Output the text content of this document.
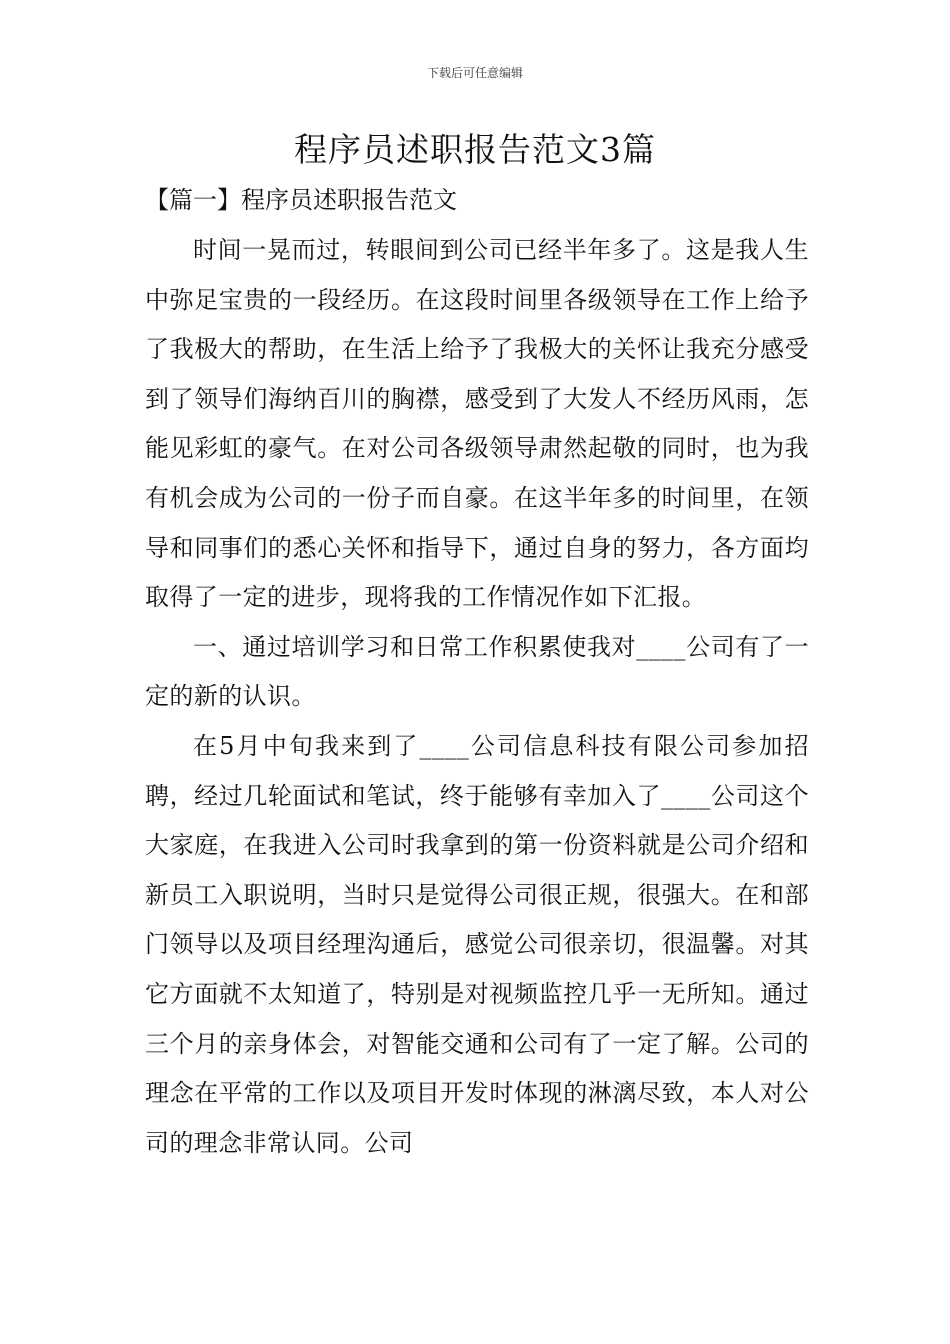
下载后可任意编辑
程序员述职报告范文3篇
【篇一】程序员述职报告范文

时间一晃而过，转眼间到公司已经半年多了。这是我人生中弥足宝贵的一段经历。在这段时间里各级领导在工作上给予了我极大的帮助，在生活上给予了我极大的关怀让我充分感受到了领导们海纳百川的胸襟，感受到了大发人不经历风雨，怎能见彩虹的豪气。在对公司各级领导肃然起敬的同时，也为我有机会成为公司的一份子而自豪。在这半年多的时间里，在领导和同事们的悉心关怀和指导下，通过自身的努力，各方面均取得了一定的进步，现将我的工作情况作如下汇报。

一、通过培训学习和日常工作积累使我对____公司有了一定的新的认识。

在5月中旬我来到了____公司信息科技有限公司参加招聘，经过几轮面试和笔试，终于能够有幸加入了____公司这个大家庭，在我进入公司时我拿到的第一份资料就是公司介绍和新员工入职说明，当时只是觉得公司很正规，很强大。在和部门领导以及项目经理沟通后，感觉公司很亲切，很温馨。对其它方面就不太知道了，特别是对视频监控几乎一无所知。通过三个月的亲身体会，对智能交通和公司有了一定了解。公司的理念在平常的工作以及项目开发时体现的淋漓尽致，本人对公司的理念非常认同。公司
